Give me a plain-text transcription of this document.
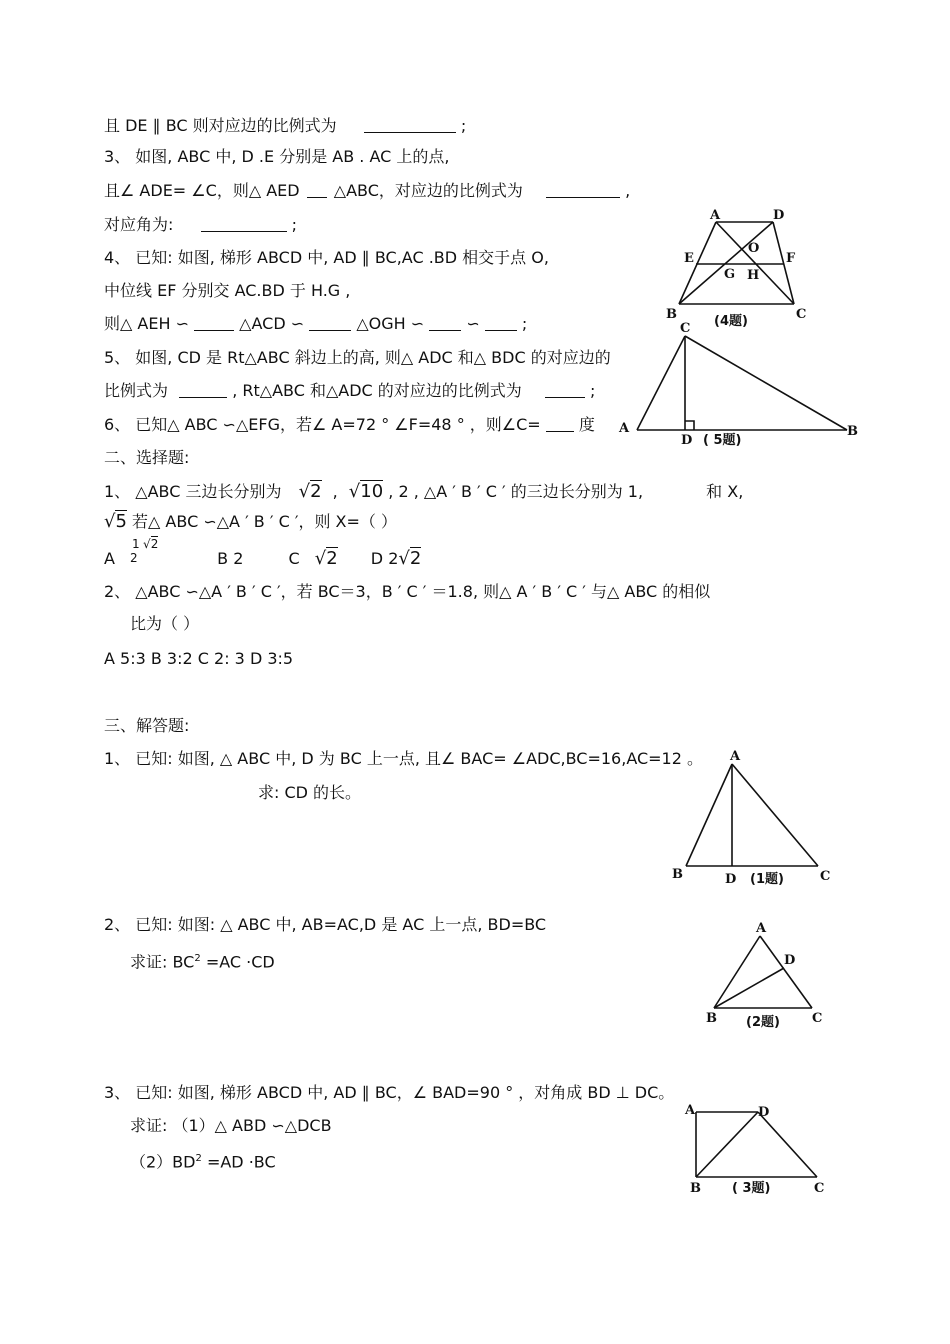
且 DE ∥ BC 则对应边的比例式为	;
3、 如图, ABC 中, D .E 分别是 AB . AC 上的点,
且∠ ADE= ∠C，则△ AED △ABC，对应边的比例式为	,
对应角为:	;
4、 已知: 如图, 梯形 ABCD 中, AD ∥ BC,AC .BD 相交于点 O,
中位线 EF 分别交 AC.BD 于 H.G ,
则△ AEH ∽	△ACD ∽	△OGH ∽	∽	;
5、 如图, CD 是 Rt△ABC 斜边上的高, 则△ ADC 和△ BDC 的对应边的
比例式为	, Rt△ABC 和△ADC 的对应边的比例式为	;
6、 已知△ ABC ∽△EFG，若∠ A=72 ° ∠F=48 ° ，则∠C= 度
二、选择题:
1、 △ABC 三边长分别为 √2 , √10 , 2 , △A ′ B ′ C ′ 的三边长分别为 1,	和 X,
√5 若△ ABC ∽△A ′ B ′ C ′，则 X=（ ）
A
1
2
√2
B 2	C √2 D 2√2
2、 △ABC ∽△A ′ B ′ C ′，若 BC＝3，B ′ C ′ ＝1.8, 则△ A ′ B ′ C ′ 与△ ABC 的相似
比为（ ）
A 5:3 B 3:2 C 2: 3 D 3:5
三、解答题:
1、 已知: 如图, △ ABC 中, D 为 BC 上一点, 且∠ BAC= ∠ADC,BC=16,AC=12 。
求: CD 的长。
2、 已知: 如图: △ ABC 中, AB=AC,D 是 AC 上一点, BD=BC
求证: $BC^2 =AC \cdot CD$
3、 已知: 如图, 梯形 ABCD 中, AD ∥ BC，∠ BAD=90 ° ，对角成 BD ⊥ DC。
求证: （1）△ ABD ∽△DCB
$(2)BD^2 =AD \cdot BC$
A	D
E	F
O
G H
B	C
(4题)
C
A
D
B
( 5题)
A
B	D	C
(1题)
A
D
B	C
(2题)
A	D
B	C
( 3题)
